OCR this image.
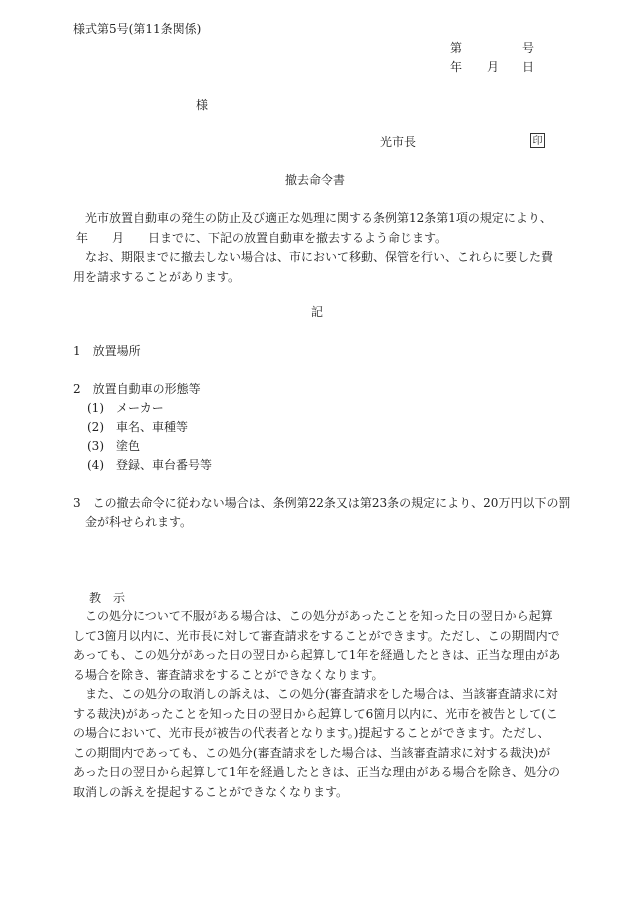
様式第5号(第11条関係)
第	号
年 月 日
様
光市長	印
撤去命令書
光市放置自動車の発生の防止及び適正な処理に関する条例第12条第1項の規定により、
年　　月　　日までに、下記の放置自動車を撤去するよう命じます。
なお、期限までに撤去しない場合は、市において移動、保管を行い、これらに要した費
用を請求することがあります。
記
1　放置場所
2　放置自動車の形態等
(1)　メーカー
(2)　車名、車種等
(3)　塗色
(4)　登録、車台番号等
3　この撤去命令に従わない場合は、条例第22条又は第23条の規定により、20万円以下の罰
金が科せられます。
教　示
この処分について不服がある場合は、この処分があったことを知った日の翌日から起算
して3箇月以内に、光市長に対して審査請求をすることができます。ただし、この期間内で
あっても、この処分があった日の翌日から起算して1年を経過したときは、正当な理由があ
る場合を除き、審査請求をすることができなくなります。
また、この処分の取消しの訴えは、この処分(審査請求をした場合は、当該審査請求に対
する裁決)があったことを知った日の翌日から起算して6箇月以内に、光市を被告として(こ
の場合において、光市長が被告の代表者となります。)提起することができます。ただし、
この期間内であっても、この処分(審査請求をした場合は、当該審査請求に対する裁決)が
あった日の翌日から起算して1年を経過したときは、正当な理由がある場合を除き、処分の
取消しの訴えを提起することができなくなります。
